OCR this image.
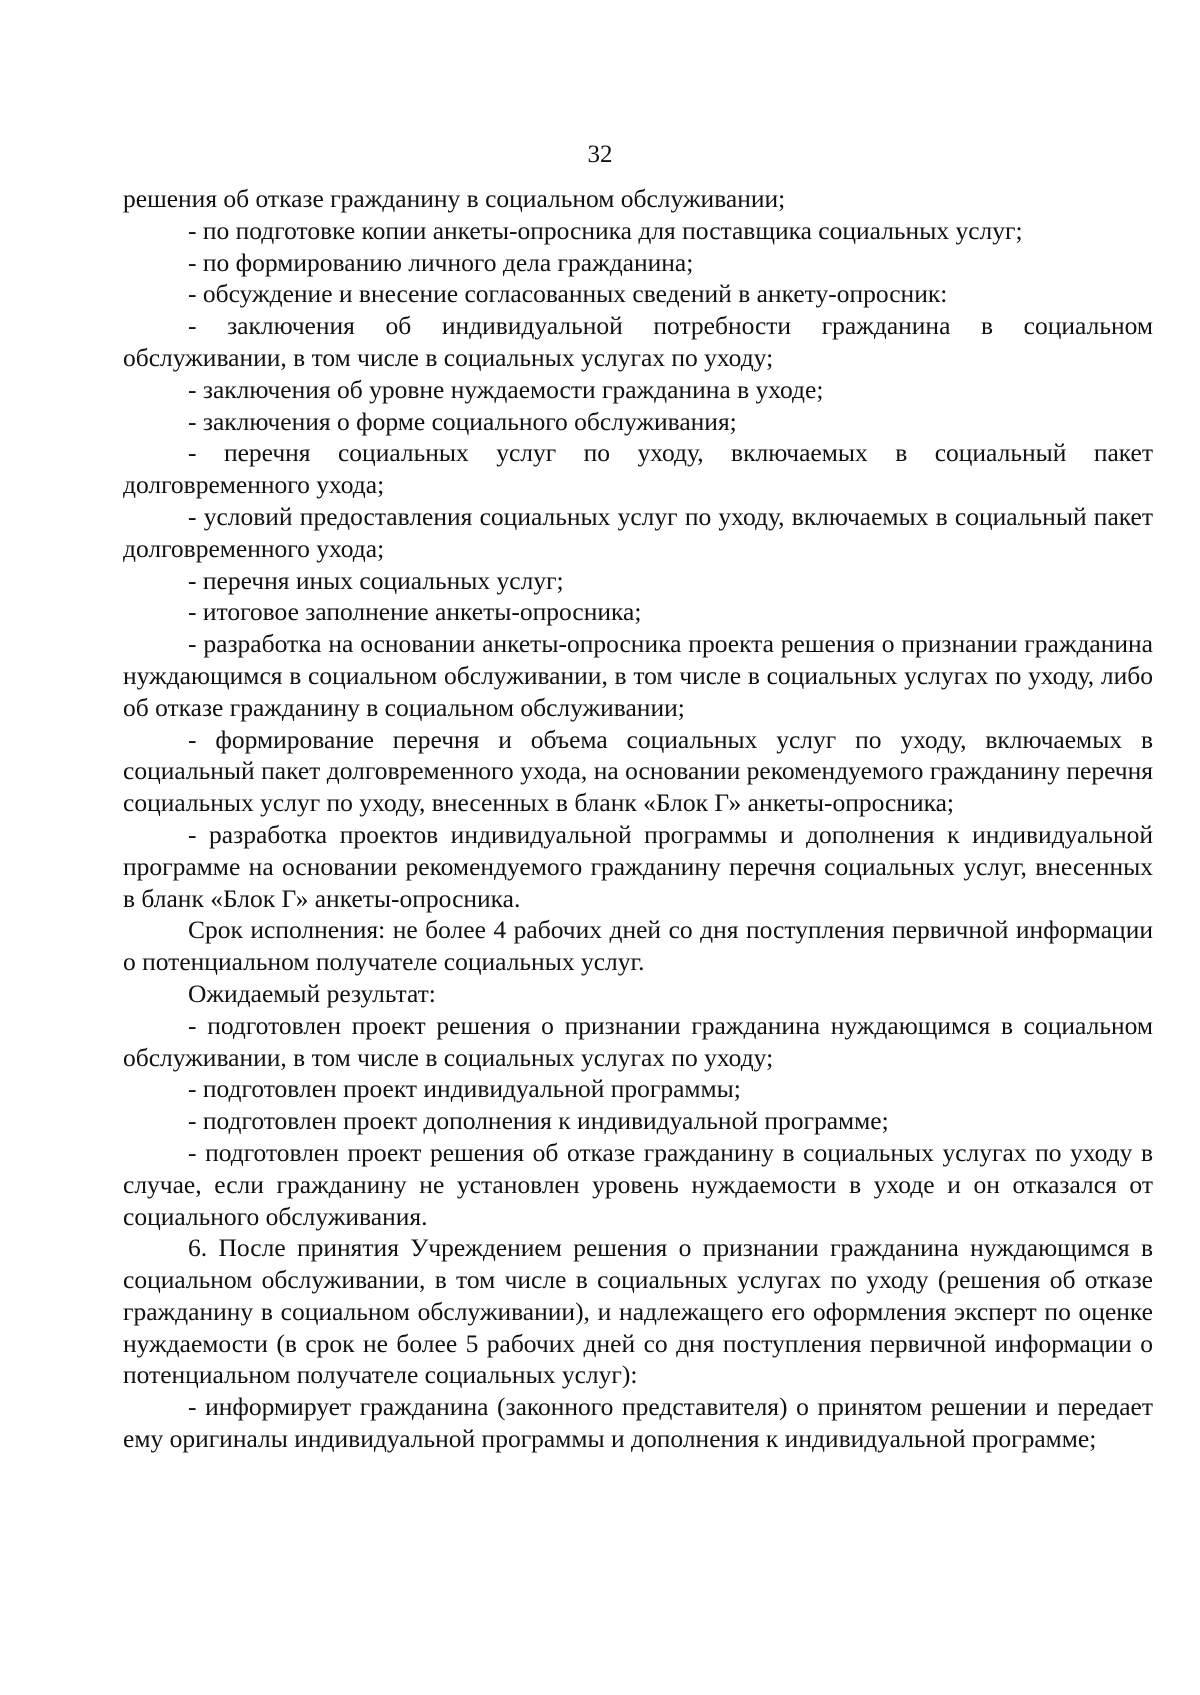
32

решения об отказе гражданину в социальном обслуживании;

- по подготовке копии анкеты-опросника для поставщика социальных услуг;

- по формированию личного дела гражданина;

- обсуждение и внесение согласованных сведений в анкету-опросник:

- заключения об индивидуальной потребности гражданина в социальном обслуживании, в том числе в социальных услугах по уходу;

- заключения об уровне нуждаемости гражданина в уходе;

- заключения о форме социального обслуживания;

- перечня социальных услуг по уходу, включаемых в социальный пакет долговременного ухода;

- условий предоставления социальных услуг по уходу, включаемых в социальный пакет долговременного ухода;

- перечня иных социальных услуг;

- итоговое заполнение анкеты-опросника;

- разработка на основании анкеты-опросника проекта решения о признании гражданина нуждающимся в социальном обслуживании, в том числе в социальных услугах по уходу, либо об отказе гражданину в социальном обслуживании;

- формирование перечня и объема социальных услуг по уходу, включаемых в социальный пакет долговременного ухода, на основании рекомендуемого гражданину перечня социальных услуг по уходу, внесенных в бланк «Блок Г» анкеты-опросника;

- разработка проектов индивидуальной программы и дополнения к индивидуальной программе на основании рекомендуемого гражданину перечня социальных услуг, внесенных в бланк «Блок Г» анкеты-опросника.

Срок исполнения: не более 4 рабочих дней со дня поступления первичной информации о потенциальном получателе социальных услуг.

Ожидаемый результат:

- подготовлен проект решения о признании гражданина нуждающимся в социальном обслуживании, в том числе в социальных услугах по уходу;

- подготовлен проект индивидуальной программы;

- подготовлен проект дополнения к индивидуальной программе;

- подготовлен проект решения об отказе гражданину в социальных услугах по уходу в случае, если гражданину не установлен уровень нуждаемости в уходе и он отказался от социального обслуживания.

6. После принятия Учреждением решения о признании гражданина нуждающимся в социальном обслуживании, в том числе в социальных услугах по уходу (решения об отказе гражданину в социальном обслуживании), и надлежащего его оформления эксперт по оценке нуждаемости (в срок не более 5 рабочих дней со дня поступления первичной информации о потенциальном получателе социальных услуг):

- информирует гражданина (законного представителя) о принятом решении и передает ему оригиналы индивидуальной программы и дополнения к индивидуальной программе;
